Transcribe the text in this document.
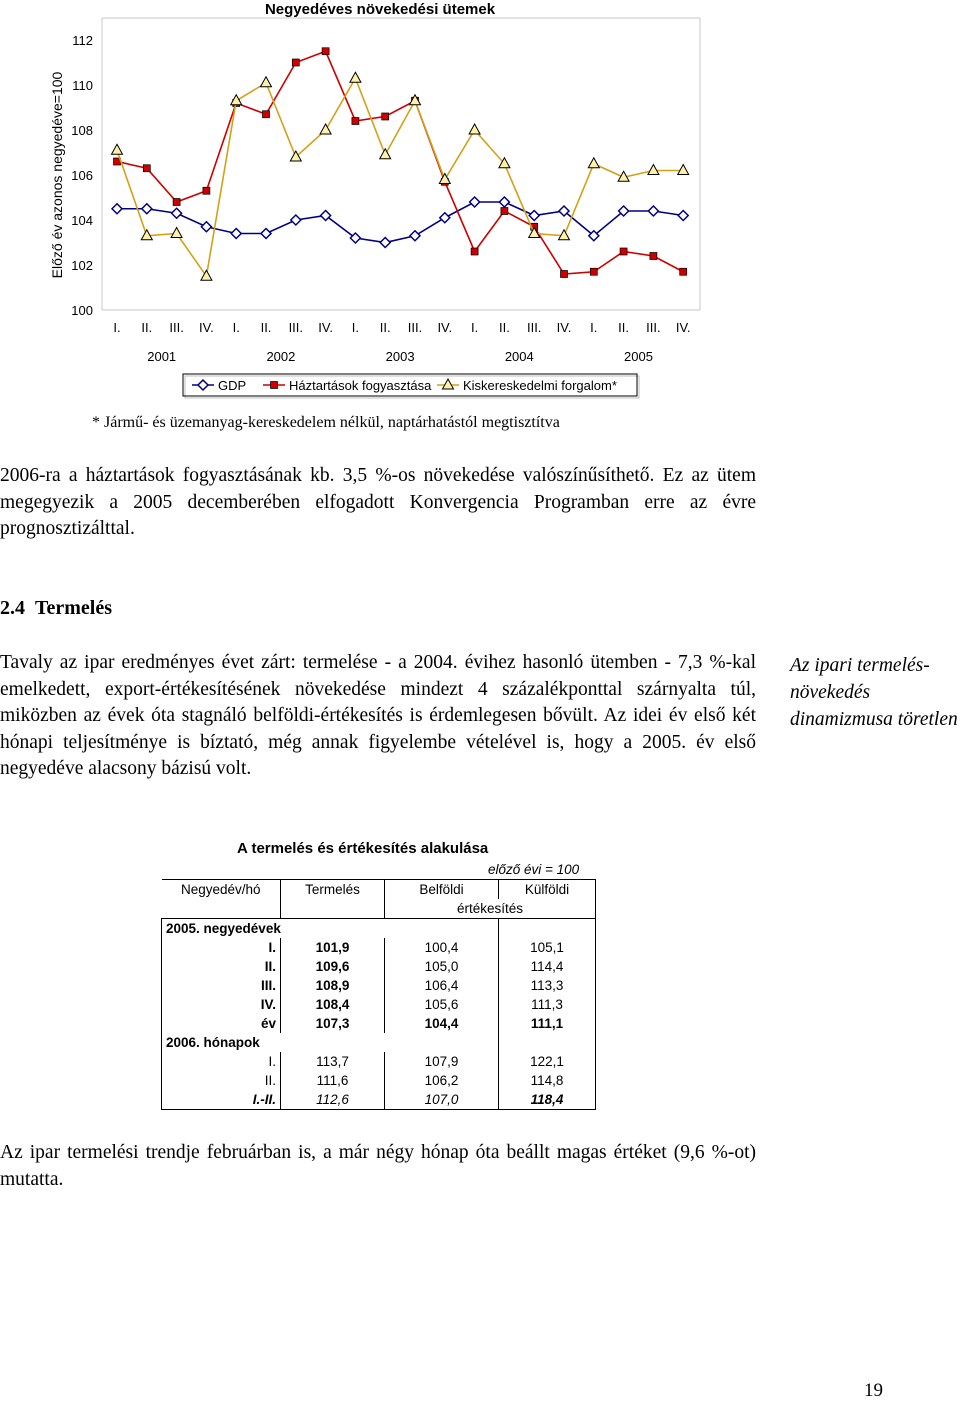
Negyedéves növekedési ütemek
Előző év azonos negyedéve=100
100
102
104
106
108
110
112
I. II. III. IV. I. II. III. IV. I. II. III. IV. I. II. III. IV. I. II. III. IV.
2001	2002	2003	2004	2005
GDP	Háztartások fogyasztása Kiskereskedelmi forgalom*
* Jármű- és üzemanyag-kereskedelem nélkül, naptárhatástól megtisztítva
2006-ra a háztartások fogyasztásának kb. 3,5 %-os növekedése valószínűsíthető. Ez az ütem megegyezik a 2005 decemberében elfogadott Konvergencia Programban erre az évre prognosztizálttal.
2.4 Termelés
Tavaly az ipar eredményes évet zárt: termelése - a 2004. évihez hasonló ütemben - 7,3 %-kal emelkedett, export-értékesítésének növekedése mindezt 4 százalékponttal szárnyalta túl, miközben az évek óta stagnáló belföldi-értékesítés is érdemlegesen bővült. Az idei év első két hónapi teljesítménye is bíztató, még annak figyelembe vételével is, hogy a 2005. év első negyedéve alacsony bázisú volt.
Az ipari termelés-növekedés dinamizmusa töretlen
A termelés és értékesítés alakulása
előző évi = 100
Negyedév/hó	Termelés	Belföldi	Külföldi
		értékesítés	
2005. negyedévek			
I.	101,9	100,4	105,1
II.	109,6	105,0	114,4
III.	108,9	106,4	113,3
IV.	108,4	105,6	111,3
év	107,3	104,4	111,1
2006. hónapok			
I.	113,7	107,9	122,1
II.	111,6	106,2	114,8
I.-II.	112,6	107,0	118,4
Az ipar termelési trendje februárban is, a már négy hónap óta beállt magas értéket (9,6 %-ot) mutatta.
19
